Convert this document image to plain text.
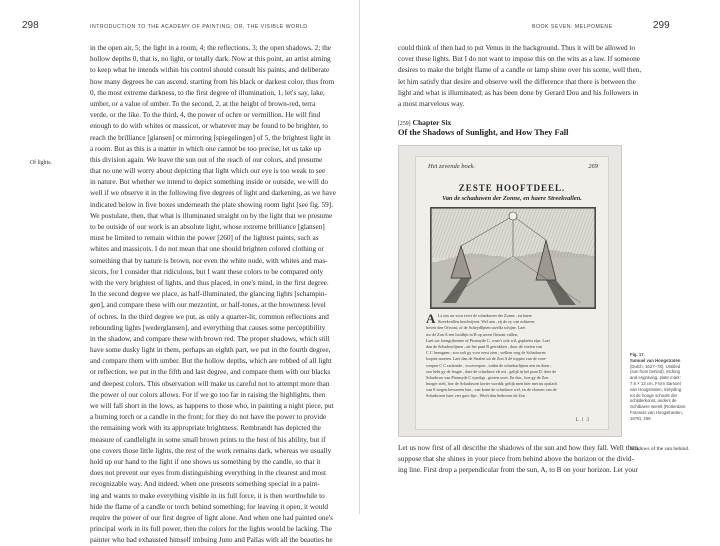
298	INTRODUCTION TO THE ACADEMY OF PAINTING; OR, THE VISIBLE WORLD
in the open air, 5; the light in a room, 4; the reflections, 3; the open shadows, 2; the
hollow depths 0, that is, no light, or totally dark. Now at this point, an artist aiming
to keep what he intends within his control should consult his paints, and deliberate
how many degrees he can ascend, starting from his black or darkest color, thus from
0, the most extreme darkness, to the first degree of illumination, 1, let's say, lake,
umber, or a value of umber. To the second, 2, at the height of brown-red, terra
verde, or the like. To the third, 4, the power of ochre or vermillion. He will find
enough to do with whites or massicot, or whatever may be found to be brighter, to
reach the brilliance [glansen] or mirroring [spiegelingen] of 5, the brightest light in
a room. But as this is a matter in which one cannot be too precise, let us take up
this division again. We leave the sun out of the reach of our colors, and presume
that no one will worry about depicting that light which our eye is too weak to see
in nature. But whether we intend to depict something inside or outside, we will do
well if we observe it in the following five degrees of light and darkening, as we have
indicated below in five boxes underneath the plate showing room light [see fig. 59].
We postulate, then, that what is illuminated straight on by the light that we presume
to be outside of our work is an absolute light, whose extreme brilliance [glansen]
must be limited to remain within the power [260] of the lightest paints, such as
whites and massicots. I do not mean that one should brighten colored clothing or
something that by nature is brown, nor even the white nude, with whites and mas-
sicots, for I consider that ridiculous, but I want these colors to be compared only
with the very brightest of lights, and thus placed, in one's mind, in the first degree.
In the second degree we place, as half-illuminated, the glancing lights [schampin-
gen], and compare these with our mezzotint, or half-tones, at the brownness level
of ochres. In the third degree we put, as only a quarter-lit, common reflections and
rebounding lights [wederglansen], and everything that causes some perceptibility
in the shadow, and compare these with brown red. The proper shadows, which still
have some dusky light in them, perhaps an eighth part, we put in the fourth degree,
and compare them with umber. But the hollow depths, which are robbed of all light
or reflection, we put in the fifth and last degree, and compare them with our blacks
and deepest colors. This observation will make us careful not to attempt more than
the power of our colors allows. For if we go too far in raising the highlights, then
we will fall short in the lows, as happens to those who, in painting a night piece, put
a burning torch or a candle in the front; for they do not have the power to provide
the remaining work with its appropriate brightness. Rembrandt has depicted the
measure of candlelight in some small brown prints to the best of his ability, but if
one covers those little lights, the rest of the work remains dark, whereas we usually
hold up our hand to the light if one shows us something by the candle, so that it
does not prevent our eyes from distinguishing everything in the clearest and most
recognizable way. And indeed, when one presents something special in a paint-
ing and wants to make everything visible in its full force, it is then worthwhile to
hide the flame of a candle or torch behind something; for leaving it open, it would
require the power of our first degree of light alone. And when one had painted one's
principal work in its full power, then the colors for the lights would be lacking. The
painter who had exhausted himself imbuing Juno and Pallas with all the beauties he
Of lights.
299
BOOK SEVEN: MELPOMENE
could think of then had to put Venus in the background. Thus it will be allowed to
cover these lights. But I do not want to impose this on the wits as a law. If someone
desires to make the bright flame of a candle or lamp shine over his scene, well then,
let him satisfy that desire and observe well the difference that there is between the
light and what is illuminated; as has been done by Gerard Dou and his followers in
a most marvelous way.
[259] Chapter Six
Of the Shadows of Sunlight, and How They Fall
Het zevende boek.	269
ZESTE HOOFTDEEL.
Van de schaduwen der Zonne, en haere Streekvallen.
A Ls ons nu voor eerst de schaduwen der Zonne , en haere
Streekvallen beschrijven. Wel aen , zij de zy van achteren
boven den Orisont, of de Scheydlijnen uwelkt schijne. Laet
uw de Zon A een loodlijn in B op uwen Orisont vallen.
Laet uw loongrjboome of Piramyde C, waer's ook wil, geplaetst zijn. Laet
dan de Schaduwlijnen , uit het punt B getrokken , door de voeten van
C C heengaen ; zoo zult gy voor eerst zien , welken weg de Schaduwen
loopen moeten. Laet dan de Stralen uit de Zon A de toppen van de voor-
werpen C C rackende , voorwerpen , totdat de schaduwlijnen aen en doen ;
zoo hebt gy de lengte , daer de schaduwe eft ust , gelijk in het punt D, daer de
Schaduwe van Piramyde C eyndigt , gezien wort. En dus , hoe gy de Zon
hooger stelt, hoe de Schaduwen korter worddt; gelijk men hier met nu opzlach
van 0 wegen bewaeren kan , van komt de schaduwe wel, en de vlomen van de
Schaduwen haer vier gaes fijn , Wieft dan hetboven de Zon .
L l 3
Fig. 17.
Samuel van Hoogstraten
(Dutch, 1627–78). Untitled
(sun from behind), etching
and engraving, plate mark:
7.6 × 13 cm. From Samuel
van Hoogstraten, Inleyding
tot de hooge schoole der
schilderkonst, anders de
zichtbaere werelt (Rotterdam:
Fransois van Hoogstraeten,
1678), 269.
Let us now first of all describe the shadows of the sun and how they fall. Well then,
suppose that she shines in your piece from behind above the horizon or the divid-
ing line. First drop a perpendicular from the sun, A, to B on your horizon. Let your
Shadows of the sun behind.
